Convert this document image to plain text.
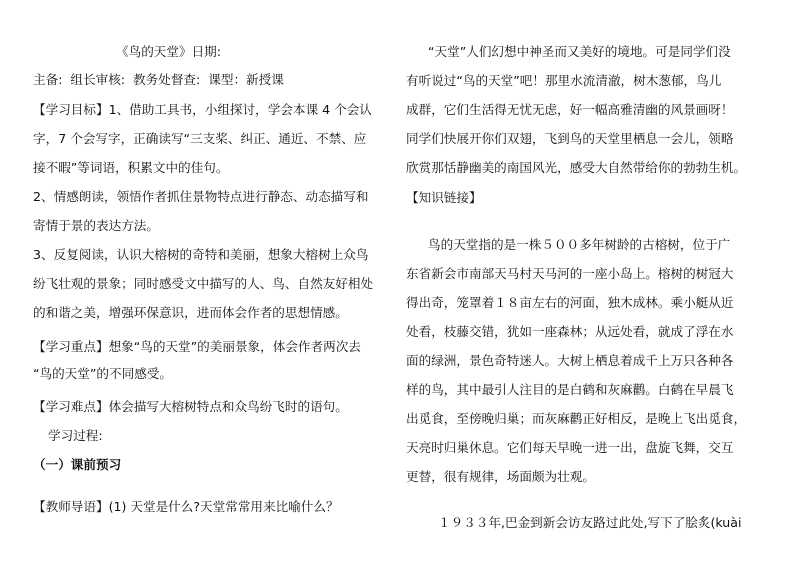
《鸟的天堂》日期:
主备: 组长审核: 教务处督查: 课型：新授课
【学习目标】1、借助工具书，小组探讨，学会本课 4 个会认
字，7 个会写字，正确读写“三支桨、纠正、通近、不禁、应
接不暇”等词语，积累文中的佳句。
2、情感朗读，领悟作者抓住景物特点进行静态、动态描写和
寄情于景的表达方法。
3、反复阅读，认识大榕树的奇特和美丽，想象大榕树上众鸟
纷飞壮观的景象；同时感受文中描写的人、鸟、自然友好相处
的和谐之美，增强环保意识，进而体会作者的思想情感。
【学习重点】想象“鸟的天堂”的美丽景象，体会作者两次去
“鸟的天堂”的不同感受。
【学习难点】体会描写大榕树特点和众鸟纷飞时的语句。
学习过程:
（一）课前预习
【教师导语】(1) 天堂是什么?天堂常常用来比喻什么？
“天堂”人们幻想中神圣而又美好的境地。可是同学们没
有听说过“鸟的天堂”吧！那里水流清澈，树木葱郁，鸟儿
成群，它们生活得无忧无虑，好一幅高雅清幽的风景画呀！
同学们快展开你们双翅，飞到鸟的天堂里栖息一会儿，领略
欣赏那恬静幽美的南国风光，感受大自然带给你的勃勃生机。
【知识链接】
鸟的天堂指的是一株５００多年树龄的古榕树，位于广
东省新会市南部天马村天马河的一座小岛上。榕树的树冠大
得出奇，笼罩着１８亩左右的河面，独木成林。乘小艇从近
处看，枝藤交错，犹如一座森林；从远处看，就成了浮在水
面的绿洲，景色奇特迷人。大树上栖息着成千上万只各种各
样的鸟，其中最引人注目的是白鹤和灰麻鹳。白鹤在早晨飞
出觅食，至傍晚归巢；而灰麻鹳正好相反，是晚上飞出觅食，
天亮时归巢休息。它们每天早晚一进一出，盘旋飞舞，交互
更替，很有规律，场面颇为壮观。
１９３３年,巴金到新会访友路过此处,写下了脍炙(kuài
